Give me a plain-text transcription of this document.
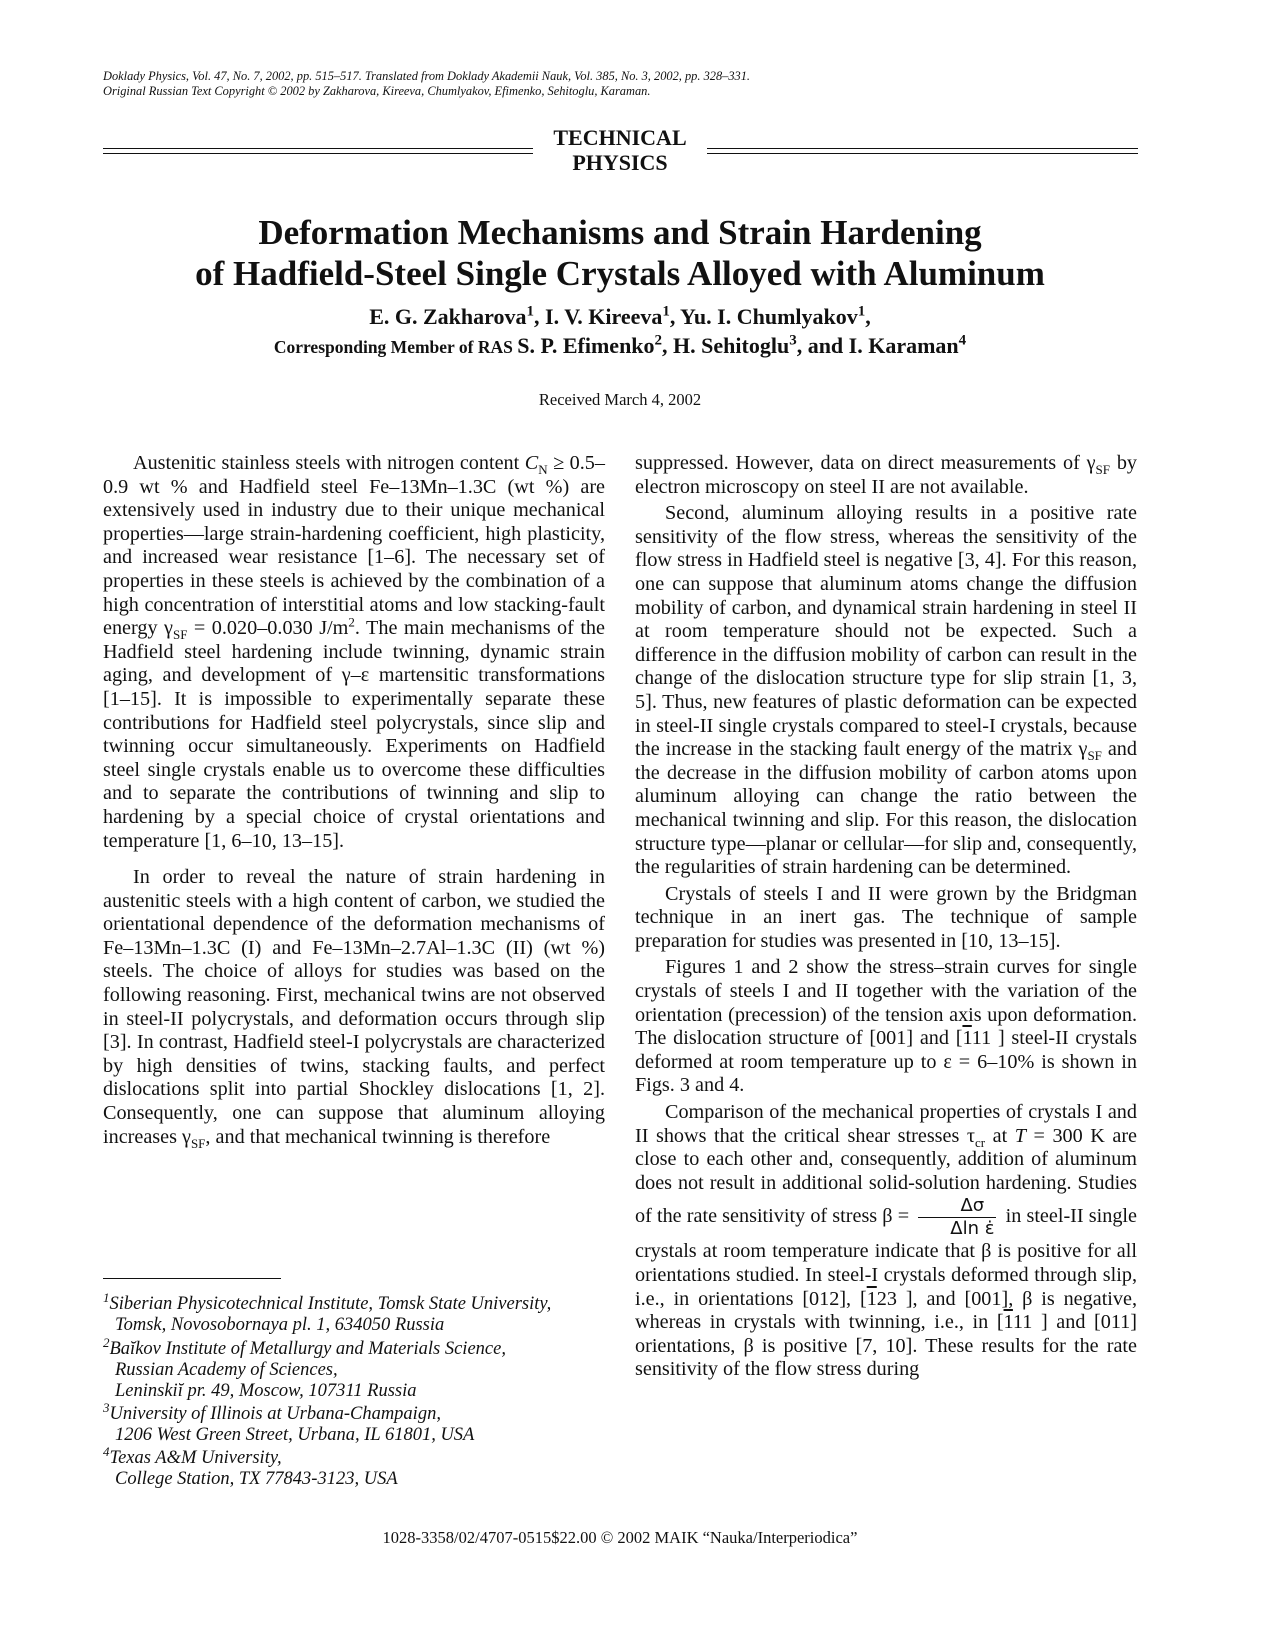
Doklady Physics, Vol. 47, No. 7, 2002, pp. 515–517. Translated from Doklady Akademii Nauk, Vol. 385, No. 3, 2002, pp. 328–331.
Original Russian Text Copyright © 2002 by Zakharova, Kireeva, Chumlyakov, Efimenko, Sehitoglu, Karaman.
TECHNICAL
PHYSICS
Deformation Mechanisms and Strain Hardening
of Hadfield-Steel Single Crystals Alloyed with Aluminum
E. G. Zakharova$^1$, I. V. Kireeva$^1$, Yu. I. Chumlyakov$^1$,
Corresponding Member of RAS S. P. Efimenko$^2$, H. Sehitoglu$^3$, and I. Karaman$^4$
Received March 4, 2002

Austenitic stainless steels with nitrogen content $C_N \ge 0.5-0.9$ wt % and Hadfield steel Fe–13Mn–1.3C (wt %) are extensively used in industry due to their unique mechanical properties—large strain-hardening coefficient, high plasticity, and increased wear resistance [1–6]. The necessary set of properties in these steels is achieved by the combination of a high concentration of interstitial atoms and low stacking-fault energy $\gamma_{SF} = 0.020-0.030$ $J/m^2$. The main mechanisms of the Hadfield steel hardening include twinning, dynamic strain aging, and development of γ–ε martensitic transformations [1–15]. It is impossible to experimentally separate these contributions for Hadfield steel polycrystals, since slip and twinning occur simultaneously. Experiments on Hadfield steel single crystals enable us to overcome these difficulties and to separate the contributions of twinning and slip to hardening by a special choice of crystal orientations and temperature [1, 6–10, 13–15].

In order to reveal the nature of strain hardening in austenitic steels with a high content of carbon, we studied the orientational dependence of the deformation mechanisms of Fe–13Mn–1.3C (I) and Fe–13Mn–2.7Al–1.3C (II) (wt %) steels. The choice of alloys for studies was based on the following reasoning. First, mechanical twins are not observed in steel-II polycrystals, and deformation occurs through slip [3]. In contrast, Hadfield steel-I polycrystals are characterized by high densities of twins, stacking faults, and perfect dislocations split into partial Shockley dislocations [1, 2]. Consequently, one can suppose that aluminum alloying increases $\gamma_{SF}$, and that mechanical twinning is therefore

suppressed. However, data on direct measurements of $\gamma_{SF}$ by electron microscopy on steel II are not available.

Second, aluminum alloying results in a positive rate sensitivity of the flow stress, whereas the sensitivity of the flow stress in Hadfield steel is negative [3, 4]. For this reason, one can suppose that aluminum atoms change the diffusion mobility of carbon, and dynamical strain hardening in steel II at room temperature should not be expected. Such a difference in the diffusion mobility of carbon can result in the change of the dislocation structure type for slip strain [1, 3, 5]. Thus, new features of plastic deformation can be expected in steel-II single crystals compared to steel-I crystals, because the increase in the stacking fault energy of the matrix $\gamma_{SF}$ and the decrease in the diffusion mobility of carbon atoms upon aluminum alloying can change the ratio between the mechanical twinning and slip. For this reason, the dislocation structure type—planar or cellular—for slip and, consequently, the regularities of strain hardening can be determined.

Crystals of steels I and II were grown by the Bridgman technique in an inert gas. The technique of sample preparation for studies was presented in [10, 13–15].

Figures 1 and 2 show the stress–strain curves for single crystals of steels I and II together with the variation of the orientation (precession) of the tension axis upon deformation. The dislocation structure of [001] and [111 ] steel-II crystals deformed at room temperature up to ε = 6–10% is shown in Figs. 3 and 4.

Comparison of the mechanical properties of crystals I and II shows that the critical shear stresses $\tau_{cr}$ at T = 300 K are close to each other and, consequently, addition of aluminum does not result in additional solid-solution hardening. Studies of the rate sensitivity of stress $\beta = \frac{\Delta\sigma}{\text{Δln ε̇}}$ in steel-II single crystals at room temperature indicate that β is positive for all orientations studied. In steel-I crystals deformed through slip, i.e., in orientations [012], [123 ], and [001], β is negative, whereas in crystals with twinning, i.e., in [111 ] and [011] orientations, β is positive [7, 10]. These results for the rate sensitivity of the flow stress during

$^1$Siberian Physicotechnical Institute, Tomsk State University,
Tomsk, Novosobornaya pl. 1, 634050 Russia
$^2$Baĭkov Institute of Metallurgy and Materials Science,
Russian Academy of Sciences,
Leninskiĭ pr. 49, Moscow, 107311 Russia
$^3$University of Illinois at Urbana-Champaign,
1206 West Green Street, Urbana, IL 61801, USA
$^4$Texas A&M University,
College Station, TX 77843-3123, USA
1028-3358/02/4707-0515$22.00 © 2002 MAIK “Nauka/Interperiodica”
